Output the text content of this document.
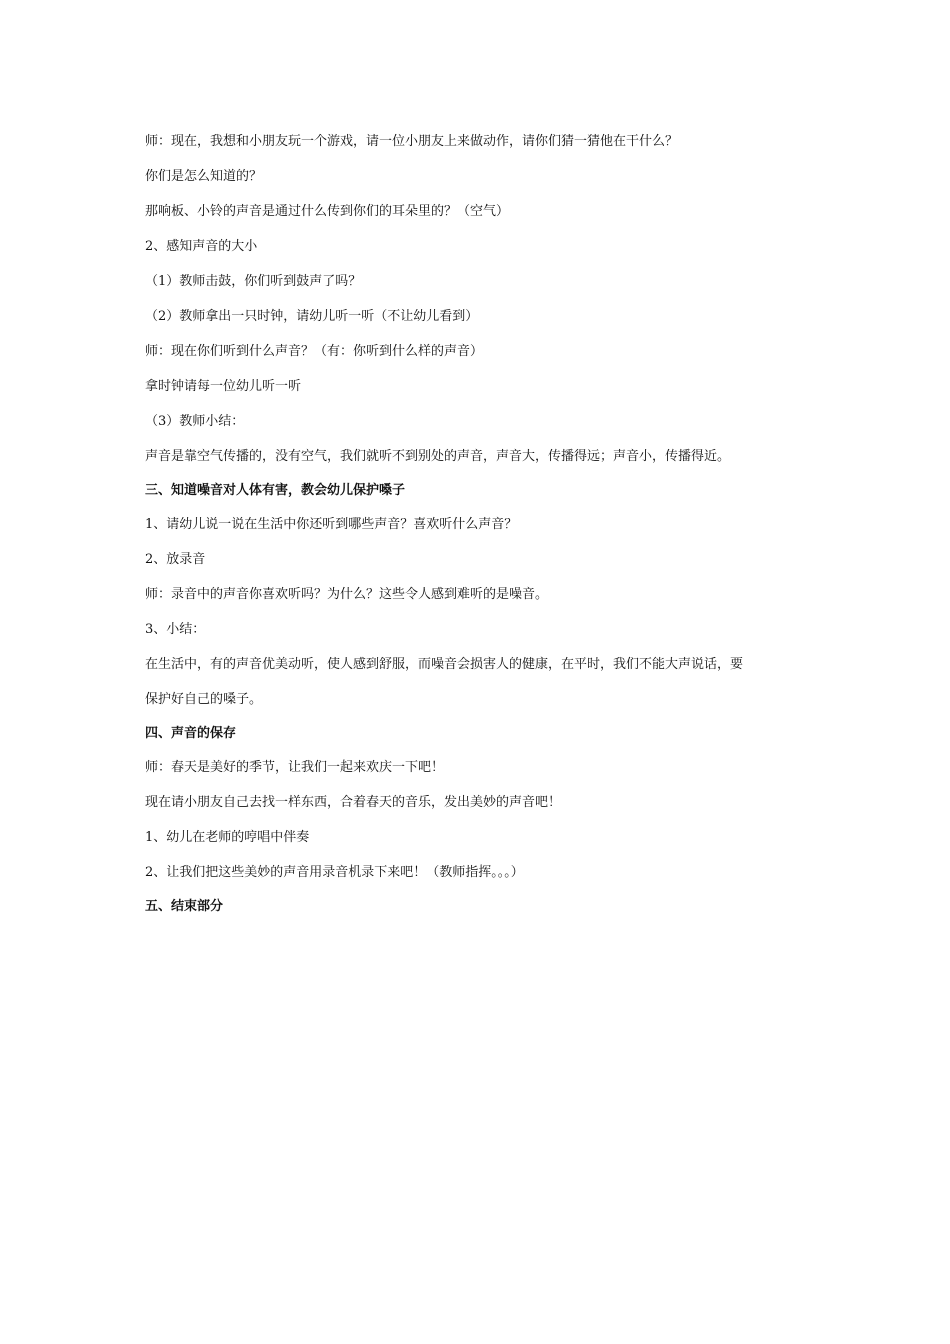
师：现在，我想和小朋友玩一个游戏，请一位小朋友上来做动作，请你们猜一猜他在干什么？
你们是怎么知道的？
那响板、小铃的声音是通过什么传到你们的耳朵里的？（空气）
2、感知声音的大小
（1）教师击鼓，你们听到鼓声了吗？
（2）教师拿出一只时钟，请幼儿听一听（不让幼儿看到）
师：现在你们听到什么声音？（有：你听到什么样的声音）
拿时钟请每一位幼儿听一听
（3）教师小结：
声音是靠空气传播的，没有空气，我们就听不到别处的声音，声音大，传播得远；声音小，传播得近。
三、知道噪音对人体有害，教会幼儿保护嗓子
1、请幼儿说一说在生活中你还听到哪些声音？喜欢听什么声音？
2、放录音
师：录音中的声音你喜欢听吗？为什么？这些令人感到难听的是噪音。
3、小结：
在生活中，有的声音优美动听，使人感到舒服，而噪音会损害人的健康，在平时，我们不能大声说话，要
保护好自己的嗓子。
四、声音的保存
师：春天是美好的季节，让我们一起来欢庆一下吧！
现在请小朋友自己去找一样东西，合着春天的音乐，发出美妙的声音吧！
1、幼儿在老师的哼唱中伴奏
2、让我们把这些美妙的声音用录音机录下来吧！（教师指挥。。。）
五、结束部分
